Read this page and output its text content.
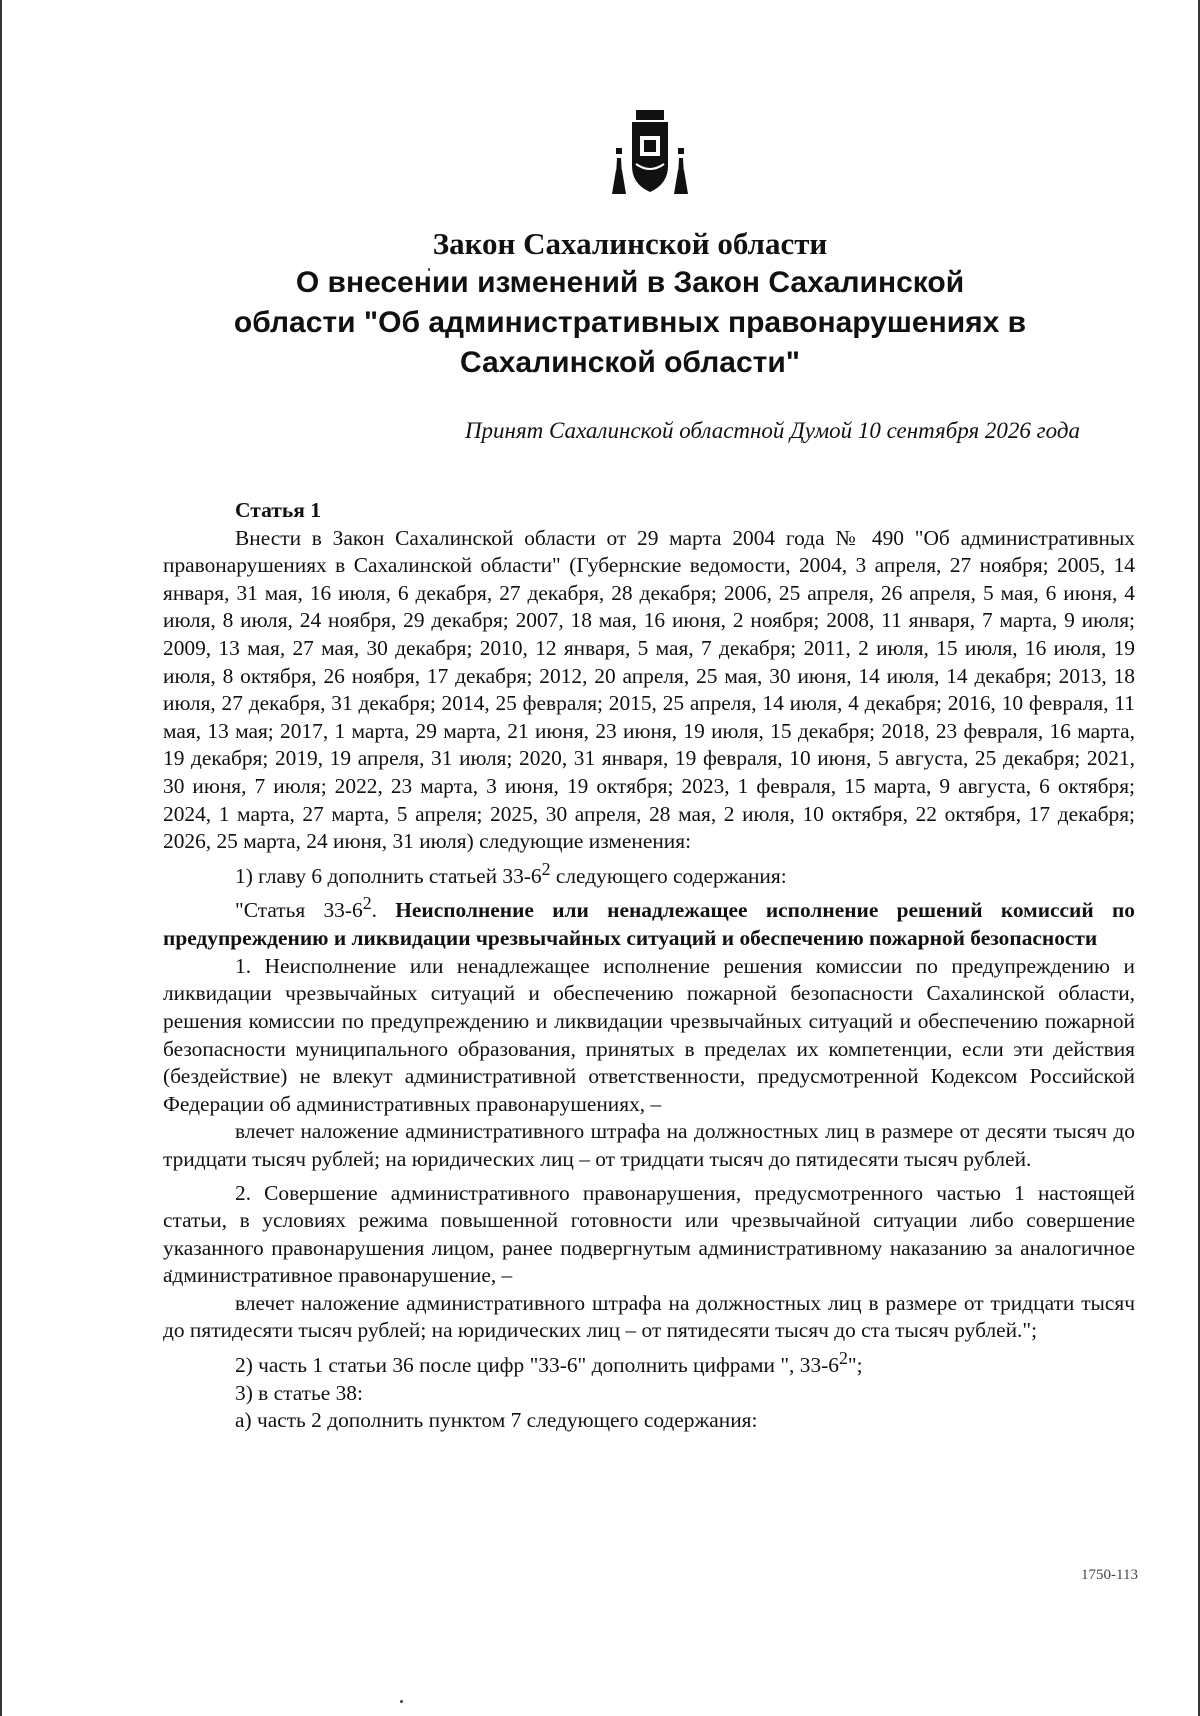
Закон Сахалинской области

О внесении изменений в Закон Сахалинской

области "Об административных правонарушениях в

Сахалинской области"

Принят Сахалинской областной Думой 10 сентября 2026 года

Статья 1

Внести в Закон Сахалинской области от 29 марта 2004 года № 490 "Об административных правонарушениях в Сахалинской области" (Губернские ведомости, 2004, 3 апреля, 27 ноября; 2005, 14 января, 31 мая, 16 июля, 6 декабря, 27 декабря, 28 декабря; 2006, 25 апреля, 26 апреля, 5 мая, 6 июня, 4 июля, 8 июля, 24 ноября, 29 декабря; 2007, 18 мая, 16 июня, 2 ноября; 2008, 11 января, 7 марта, 9 июля; 2009, 13 мая, 27 мая, 30 декабря; 2010, 12 января, 5 мая, 7 декабря; 2011, 2 июля, 15 июля, 16 июля, 19 июля, 8 октября, 26 ноября, 17 декабря; 2012, 20 апреля, 25 мая, 30 июня, 14 июля, 14 декабря; 2013, 18 июля, 27 декабря, 31 декабря; 2014, 25 февраля; 2015, 25 апреля, 14 июля, 4 декабря; 2016, 10 февраля, 11 мая, 13 мая; 2017, 1 марта, 29 марта, 21 июня, 23 июня, 19 июля, 15 декабря; 2018, 23 февраля, 16 марта, 19 декабря; 2019, 19 апреля, 31 июля; 2020, 31 января, 19 февраля, 10 июня, 5 августа, 25 декабря; 2021, 30 июня, 7 июля; 2022, 23 марта, 3 июня, 19 октября; 2023, 1 февраля, 15 марта, 9 августа, 6 октября; 2024, 1 марта, 27 марта, 5 апреля; 2025, 30 апреля, 28 мая, 2 июля, 10 октября, 22 октября, 17 декабря; 2026, 25 марта, 24 июня, 31 июля) следующие изменения:

1) главу 6 дополнить статьей $33-6^2$ следующего содержания:

"Статья $33-6^2$. Неисполнение или ненадлежащее исполнение решений комиссий по предупреждению и ликвидации чрезвычайных ситуаций и обеспечению пожарной безопасности

1. Неисполнение или ненадлежащее исполнение решения комиссии по предупреждению и ликвидации чрезвычайных ситуаций и обеспечению пожарной безопасности Сахалинской области, решения комиссии по предупреждению и ликвидации чрезвычайных ситуаций и обеспечению пожарной безопасности муниципального образования, принятых в пределах их компетенции, если эти действия (бездействие) не влекут административной ответственности, предусмотренной Кодексом Российской Федерации об административных правонарушениях, –

влечет наложение административного штрафа на должностных лиц в размере от десяти тысяч до тридцати тысяч рублей; на юридических лиц – от тридцати тысяч до пятидесяти тысяч рублей.

2. Совершение административного правонарушения, предусмотренного частью 1 настоящей статьи, в условиях режима повышенной готовности или чрезвычайной ситуации либо совершение указанного правонарушения лицом, ранее подвергнутым административному наказанию за аналогичное административное правонарушение, –

влечет наложение административного штрафа на должностных лиц в размере от тридцати тысяч до пятидесяти тысяч рублей; на юридических лиц – от пятидесяти тысяч до ста тысяч рублей.";

2) часть 1 статьи 36 после цифр "33-6" дополнить цифрами ", $33-6^2$";

3) в статье 38:

а) часть 2 дополнить пунктом 7 следующего содержания:

1750-113
